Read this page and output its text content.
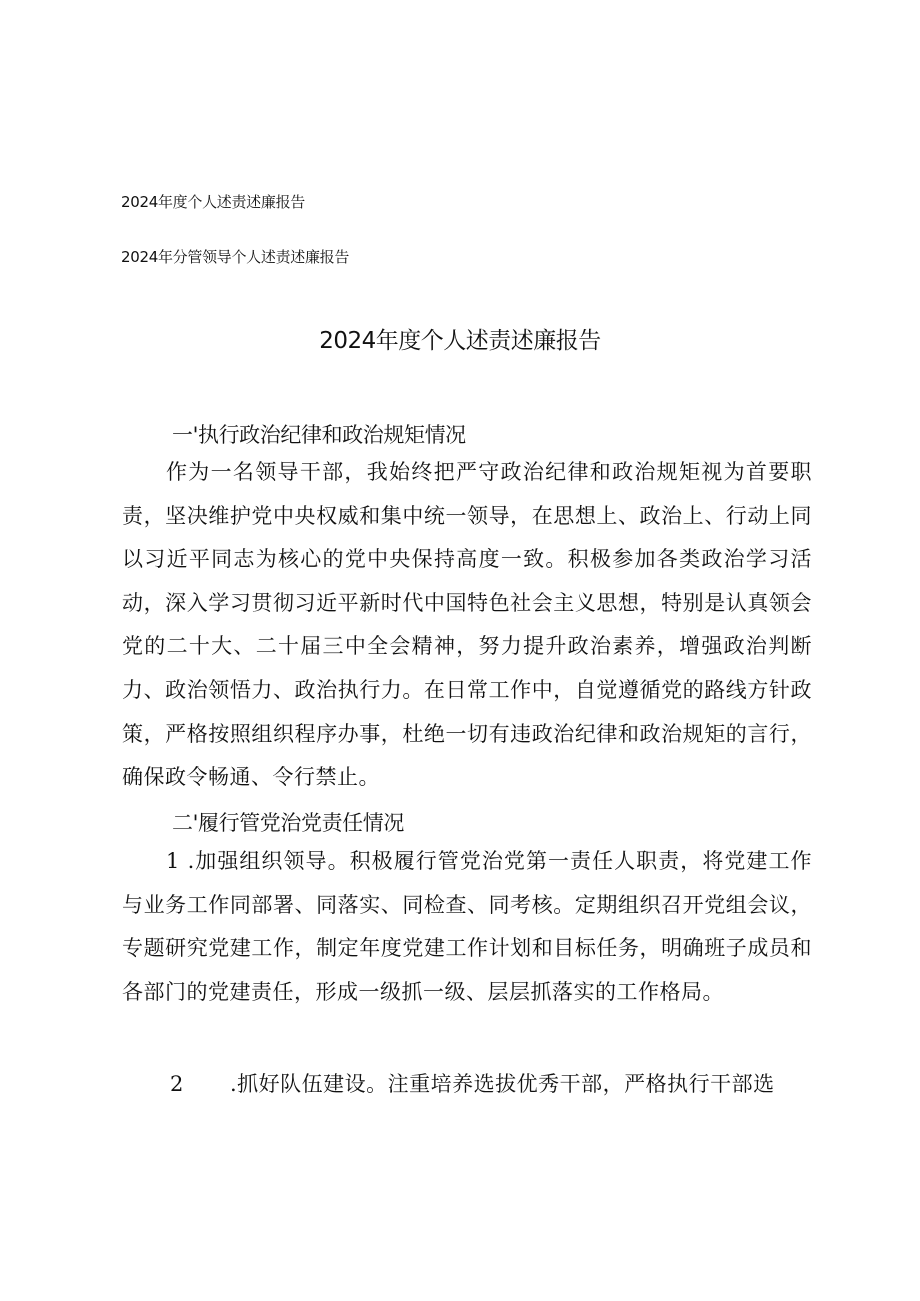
2024年度个人述责述廉报告
2024年分管领导个人述责述廉报告
2024年度个人述责述廉报告
一'执行政治纪律和政治规矩情况

作为一名领导干部，我始终把严守政治纪律和政治规矩视为首要职责，坚决维护党中央权威和集中统一领导，在思想上、政治上、行动上同以习近平同志为核心的党中央保持高度一致。积极参加各类政治学习活动，深入学习贯彻习近平新时代中国特色社会主义思想，特别是认真领会党的二十大、二十届三中全会精神，努力提升政治素养，增强政治判断力、政治领悟力、政治执行力。在日常工作中，自觉遵循党的路线方针政策，严格按照组织程序办事，杜绝一切有违政治纪律和政治规矩的言行，确保政令畅通、令行禁止。

二'履行管党治党责任情况

1 .加强组织领导。积极履行管党治党第一责任人职责，将党建工作与业务工作同部署、同落实、同检查、同考核。定期组织召开党组会议，专题研究党建工作，制定年度党建工作计划和目标任务，明确班子成员和各部门的党建责任，形成一级抓一级、层层抓落实的工作格局。

2 .抓好队伍建设。注重培养选拔优秀干部，严格执行干部选
